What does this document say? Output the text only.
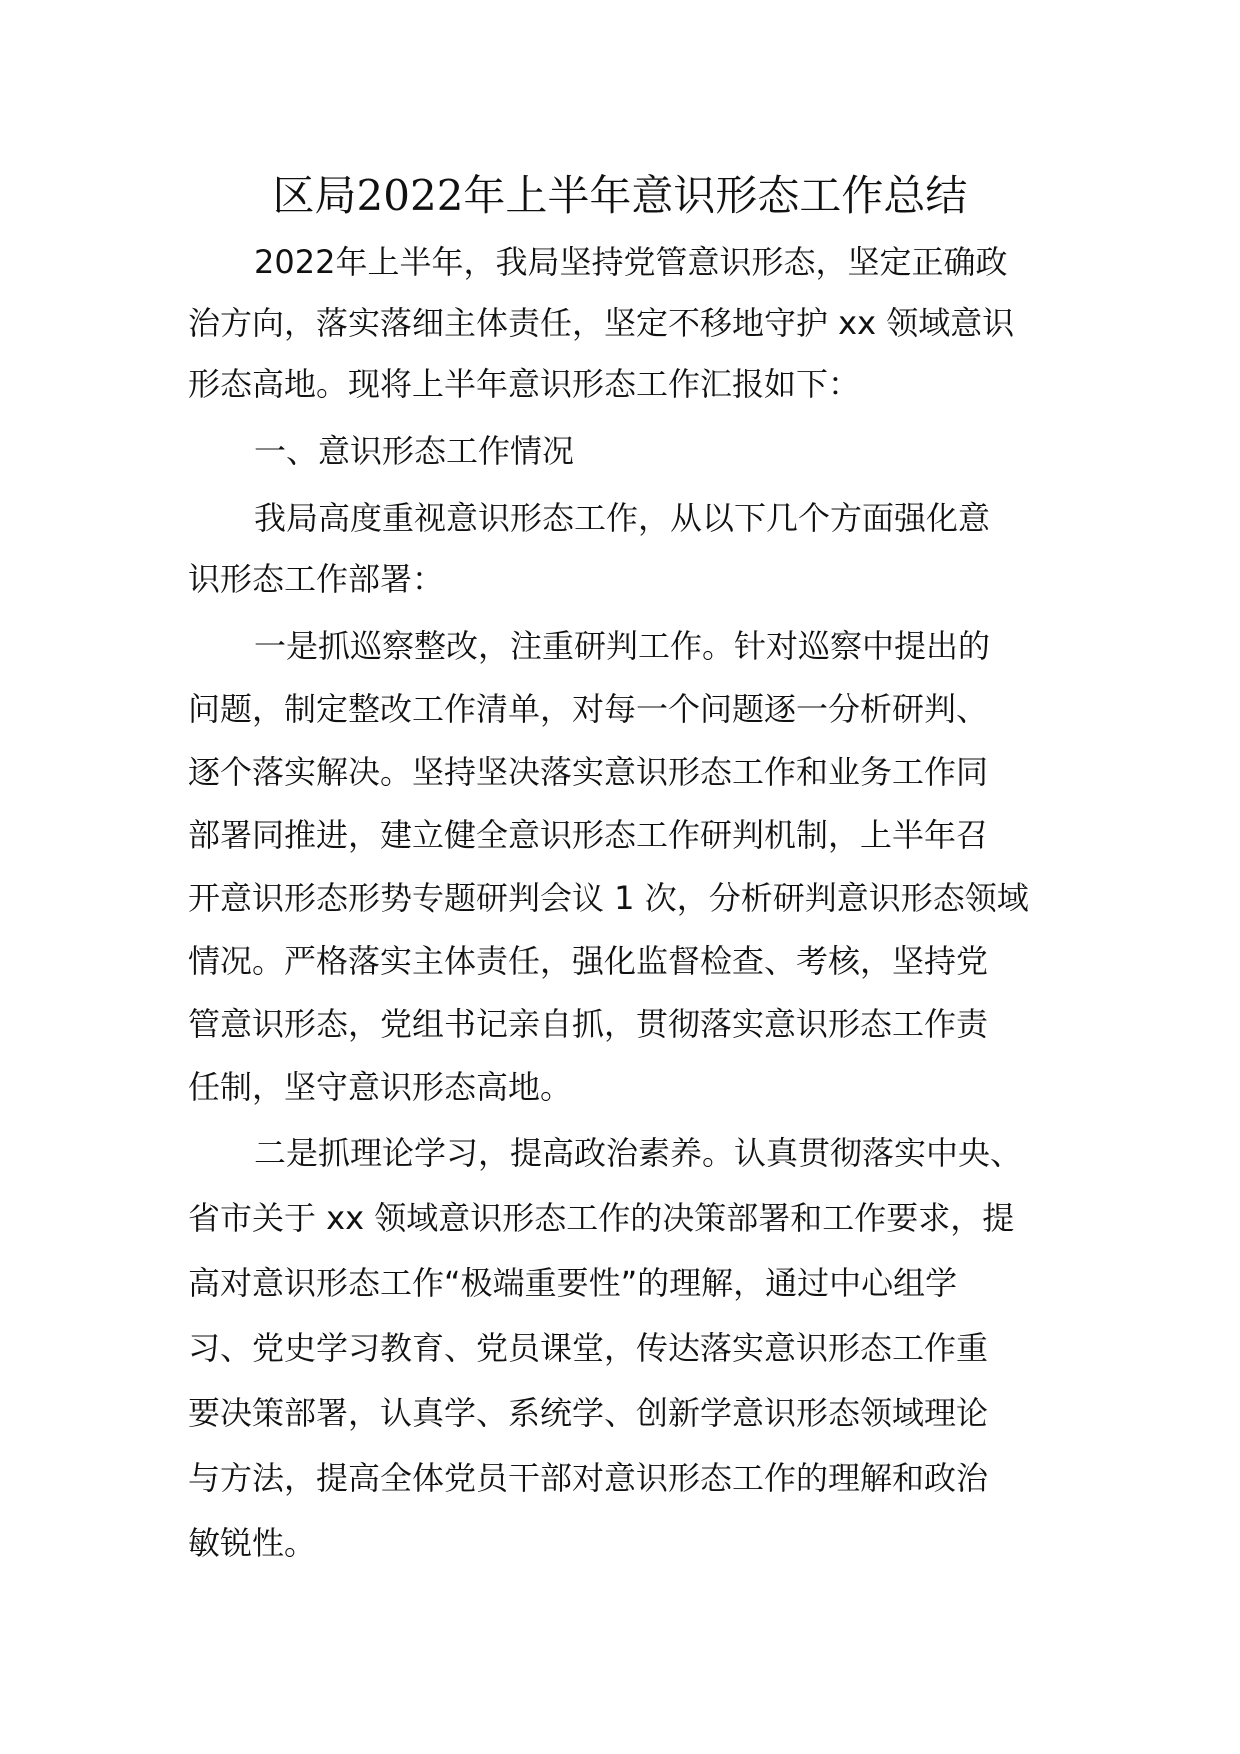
区局2022年上半年意识形态工作总结
2022年上半年，我局坚持党管意识形态，坚定正确政
治方向，落实落细主体责任，坚定不移地守护 xx 领域意识
形态高地。现将上半年意识形态工作汇报如下：
一、意识形态工作情况
我局高度重视意识形态工作，从以下几个方面强化意
识形态工作部署：
一是抓巡察整改，注重研判工作。针对巡察中提出的
问题，制定整改工作清单，对每一个问题逐一分析研判、
逐个落实解决。坚持坚决落实意识形态工作和业务工作同
部署同推进，建立健全意识形态工作研判机制，上半年召
开意识形态形势专题研判会议 1 次，分析研判意识形态领域
情况。严格落实主体责任，强化监督检查、考核，坚持党
管意识形态，党组书记亲自抓，贯彻落实意识形态工作责
任制，坚守意识形态高地。
二是抓理论学习，提高政治素养。认真贯彻落实中央、
省市关于 xx 领域意识形态工作的决策部署和工作要求，提
高对意识形态工作“极端重要性”的理解，通过中心组学
习、党史学习教育、党员课堂，传达落实意识形态工作重
要决策部署，认真学、系统学、创新学意识形态领域理论
与方法，提高全体党员干部对意识形态工作的理解和政治
敏锐性。
